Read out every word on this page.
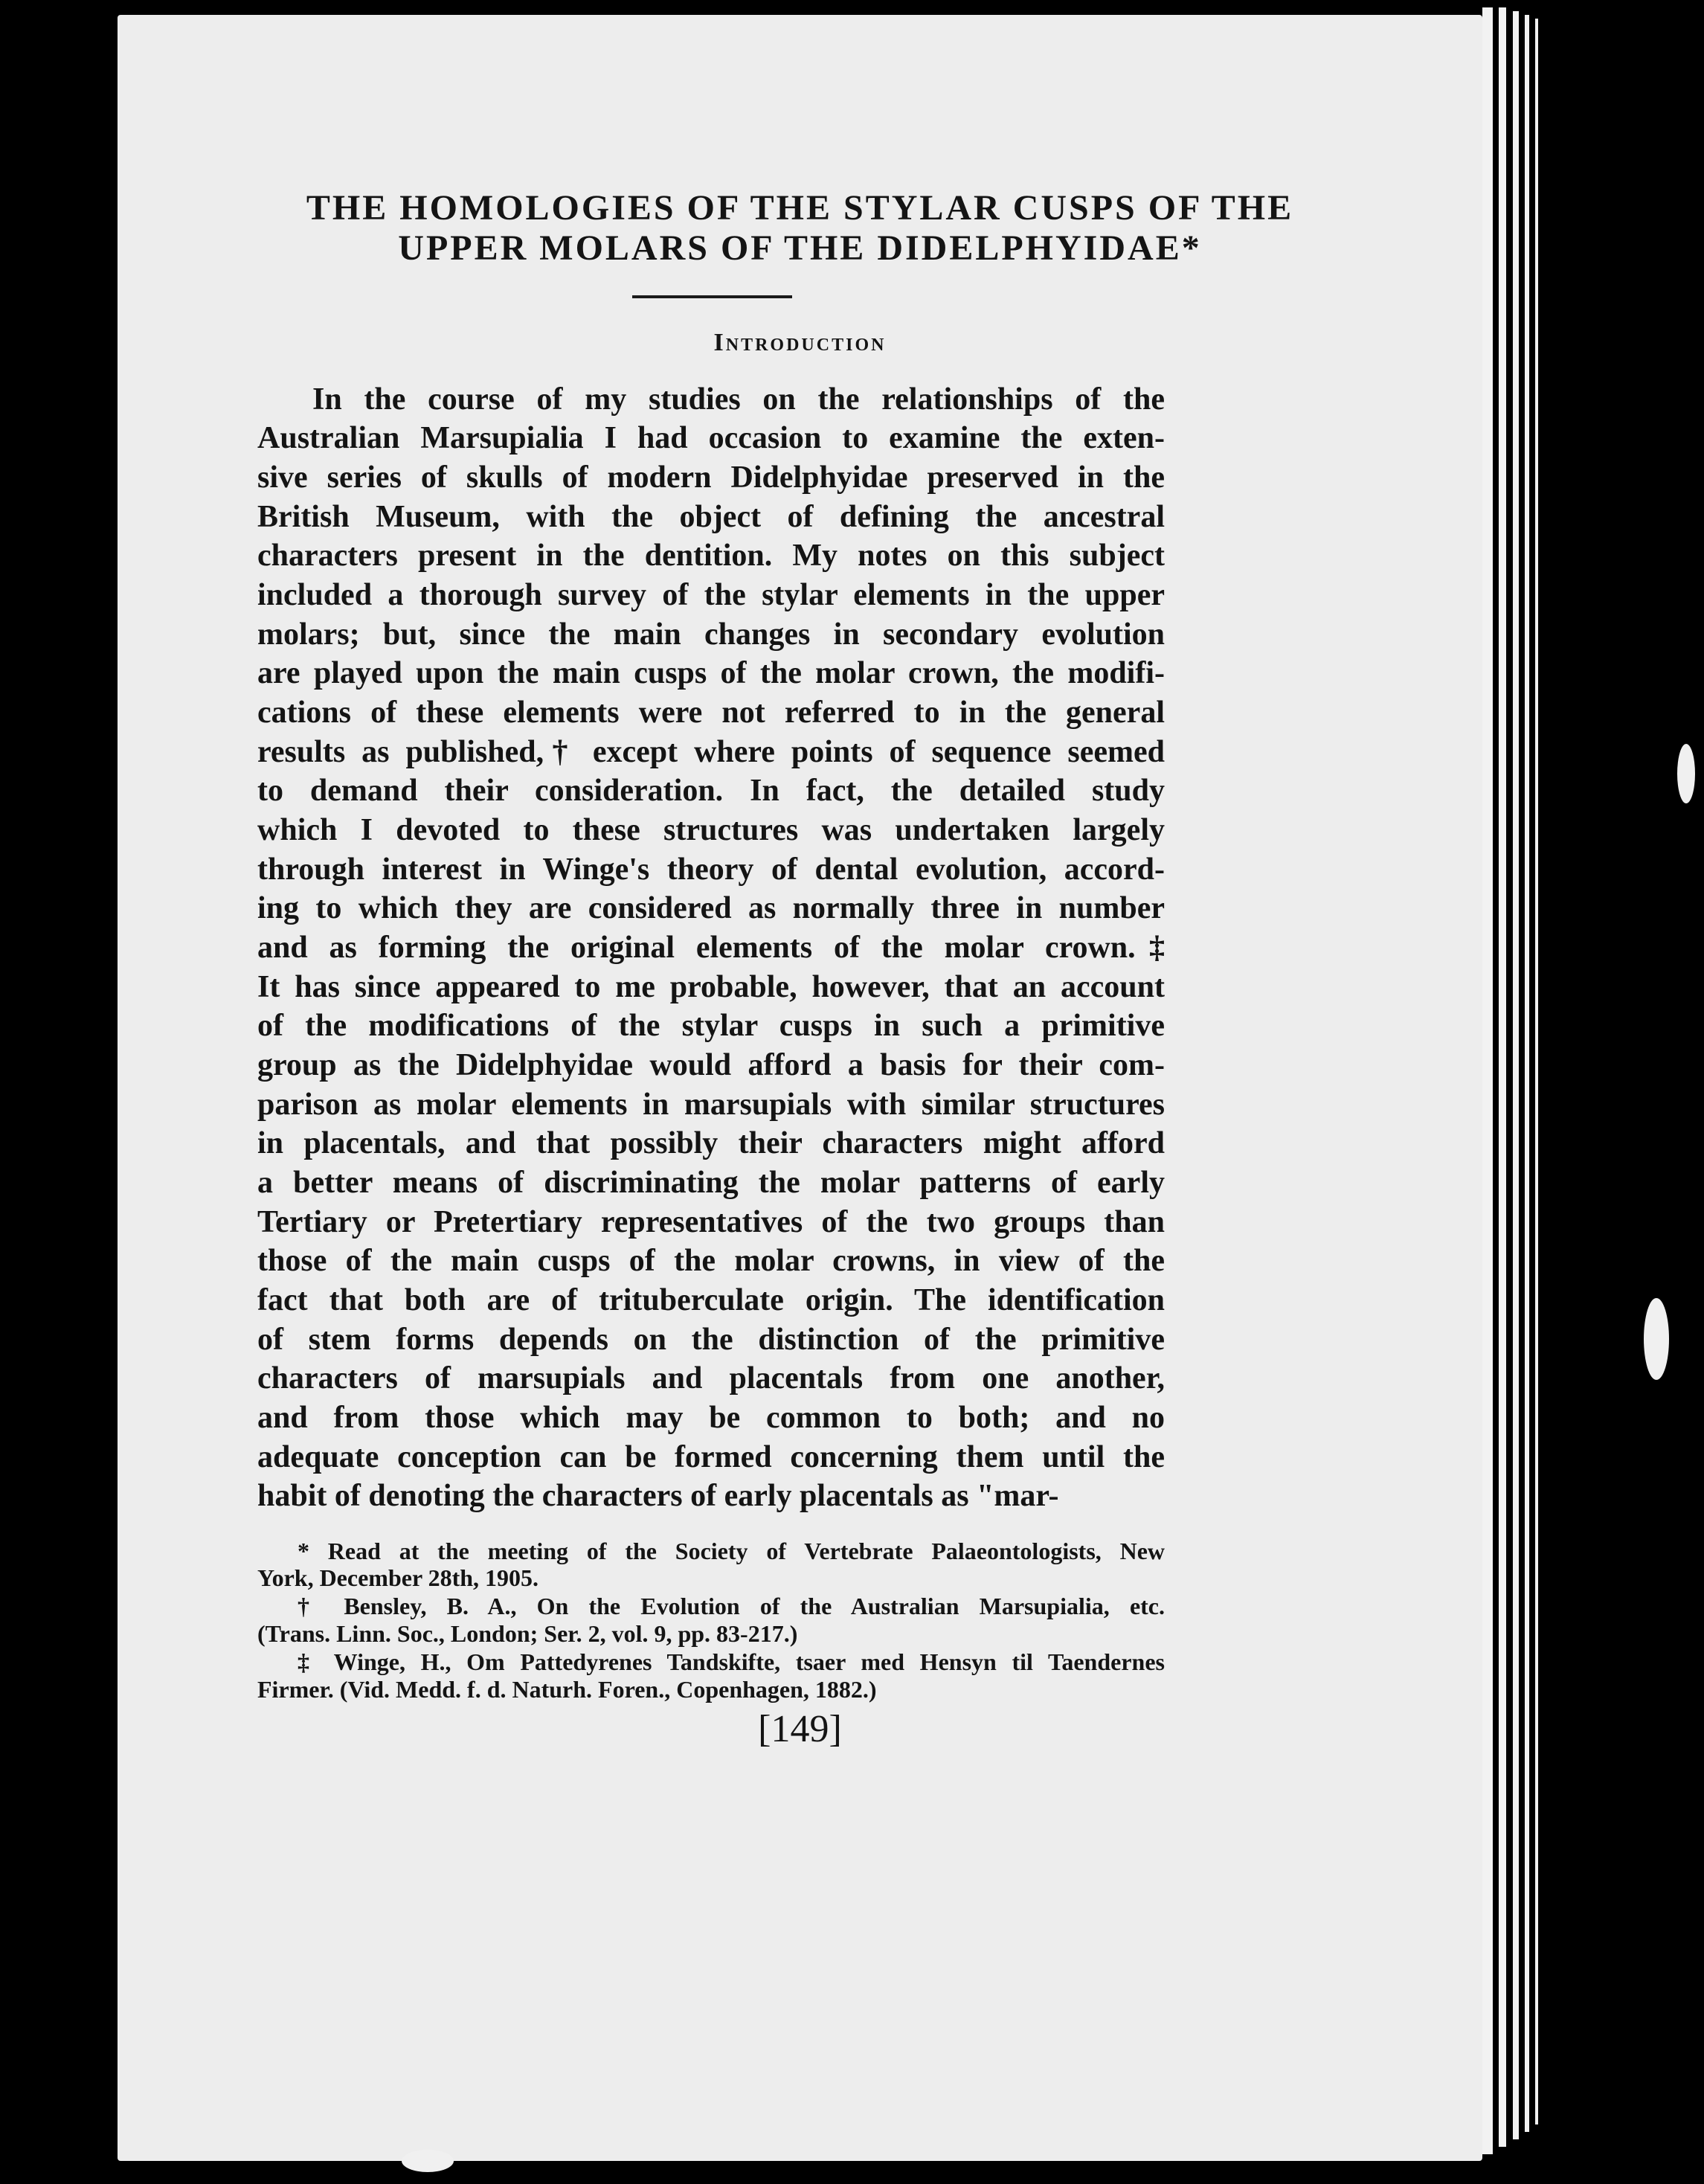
THE HOMOLOGIES OF THE STYLAR CUSPS OF THE
UPPER MOLARS OF THE DIDELPHYIDAE*
Introduction
In the course of my studies on the relationships of the
Australian Marsupialia I had occasion to examine the exten-
sive series of skulls of modern Didelphyidae preserved in the
British Museum, with the object of defining the ancestral
characters present in the dentition. My notes on this subject
included a thorough survey of the stylar elements in the upper
molars; but, since the main changes in secondary evolution
are played upon the main cusps of the molar crown, the modifi-
cations of these elements were not referred to in the general
results as published,† except where points of sequence seemed
to demand their consideration. In fact, the detailed study
which I devoted to these structures was undertaken largely
through interest in Winge's theory of dental evolution, accord-
ing to which they are considered as normally three in number
and as forming the original elements of the molar crown.‡
It has since appeared to me probable, however, that an account
of the modifications of the stylar cusps in such a primitive
group as the Didelphyidae would afford a basis for their com-
parison as molar elements in marsupials with similar structures
in placentals, and that possibly their characters might afford
a better means of discriminating the molar patterns of early
Tertiary or Pretertiary representatives of the two groups than
those of the main cusps of the molar crowns, in view of the
fact that both are of trituberculate origin. The identification
of stem forms depends on the distinction of the primitive
characters of marsupials and placentals from one another,
and from those which may be common to both; and no
adequate conception can be formed concerning them until the
habit of denoting the characters of early placentals as "mar-
* Read at the meeting of the Society of Vertebrate Palaeontologists, New
York, December 28th, 1905.
† Bensley, B. A., On the Evolution of the Australian Marsupialia, etc.
(Trans. Linn. Soc., London; Ser. 2, vol. 9, pp. 83-217.)
‡ Winge, H., Om Pattedyrenes Tandskifte, tsaer med Hensyn til Taendernes
Firmer. (Vid. Medd. f. d. Naturh. Foren., Copenhagen, 1882.)
[149]
